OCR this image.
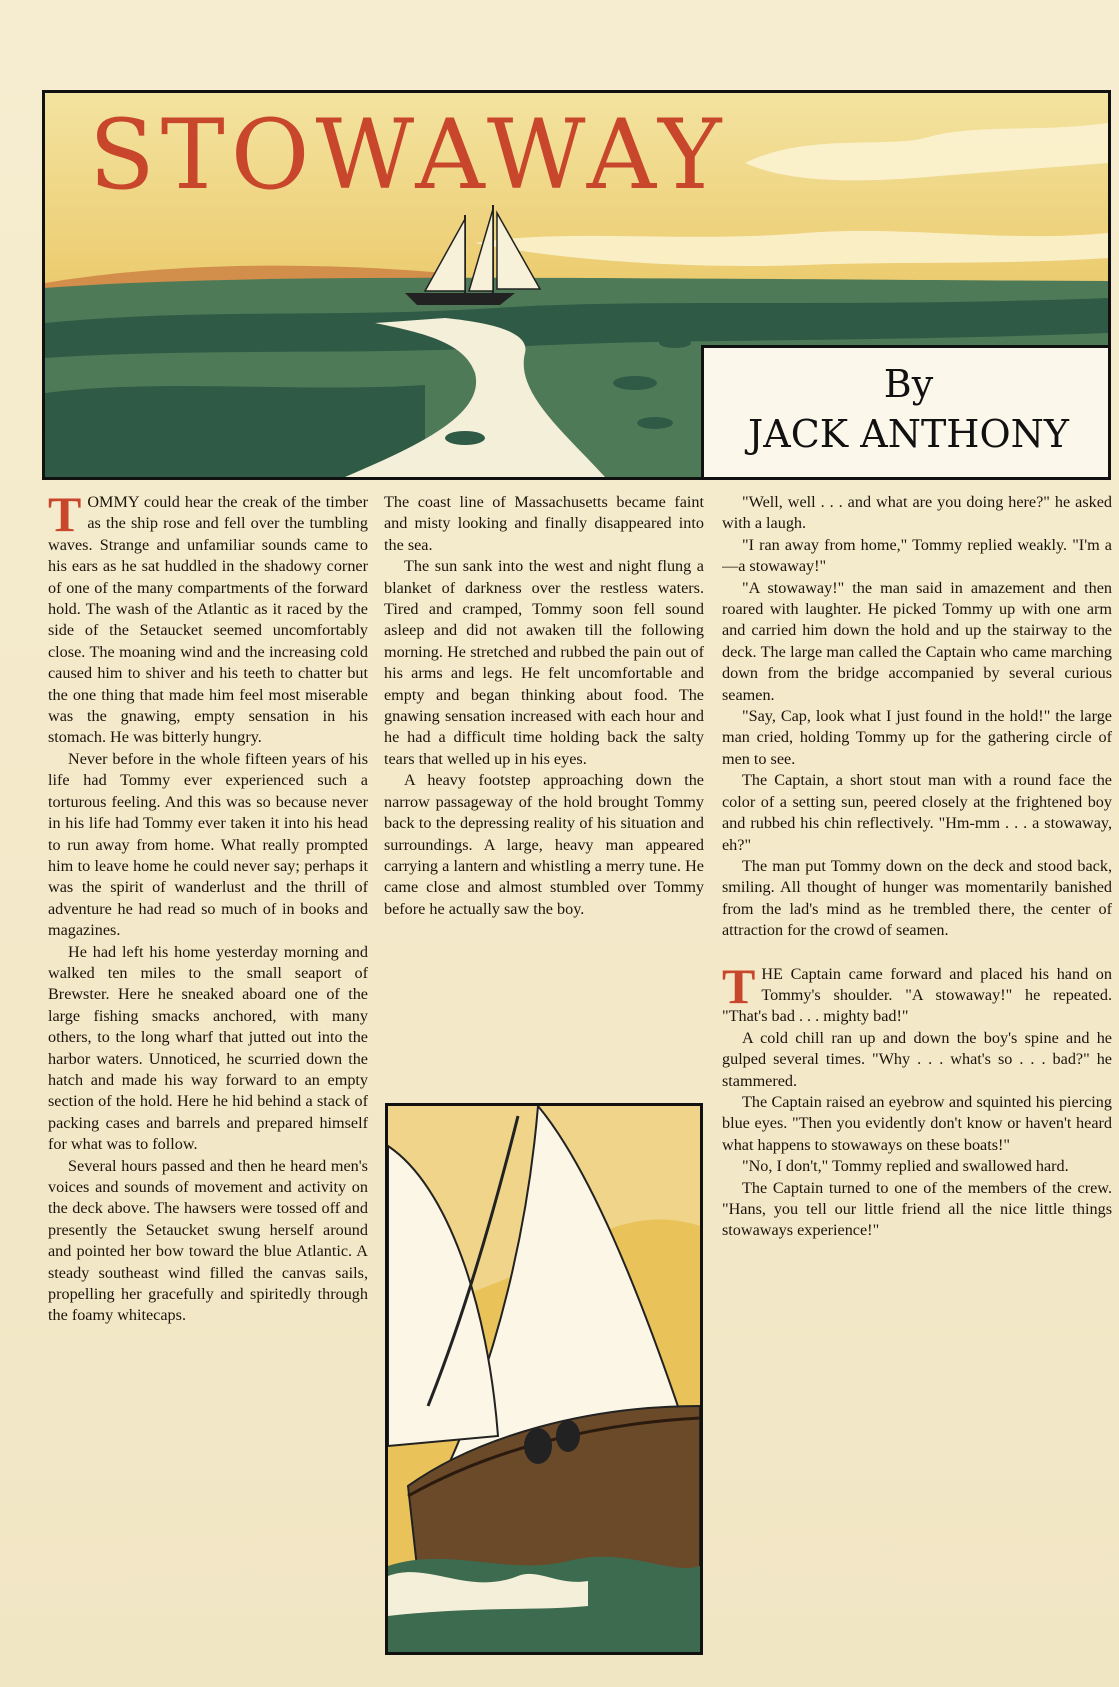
STOWAWAY
By
JACK ANTHONY

TOMMY could hear the creak of the timber as the ship rose and fell over the tumbling waves. Strange and unfamiliar sounds came to his ears as he sat huddled in the shadowy corner of one of the many compartments of the forward hold. The wash of the Atlantic as it raced by the side of the Setaucket seemed uncomfortably close. The moaning wind and the increasing cold caused him to shiver and his teeth to chatter but the one thing that made him feel most miserable was the gnawing, empty sensation in his stomach. He was bitterly hungry.

Never before in the whole fifteen years of his life had Tommy ever experienced such a torturous feeling. And this was so because never in his life had Tommy ever taken it into his head to run away from home. What really prompted him to leave home he could never say; perhaps it was the spirit of wanderlust and the thrill of adventure he had read so much of in books and magazines.

He had left his home yesterday morning and walked ten miles to the small seaport of Brewster. Here he sneaked aboard one of the large fishing smacks anchored, with many others, to the long wharf that jutted out into the harbor waters. Unnoticed, he scurried down the hatch and made his way forward to an empty section of the hold. Here he hid behind a stack of packing cases and barrels and prepared himself for what was to follow.

Several hours passed and then he heard men's voices and sounds of movement and activity on the deck above. The hawsers were tossed off and presently the Setaucket swung herself around and pointed her bow toward the blue Atlantic. A steady southeast wind filled the canvas sails, propelling her gracefully and spiritedly through the foamy whitecaps.

The coast line of Massachusetts became faint and misty looking and finally disappeared into the sea.

The sun sank into the west and night flung a blanket of darkness over the restless waters. Tired and cramped, Tommy soon fell sound asleep and did not awaken till the following morning. He stretched and rubbed the pain out of his arms and legs. He felt uncomfortable and empty and began thinking about food. The gnawing sensation increased with each hour and he had a difficult time holding back the salty tears that welled up in his eyes.

A heavy footstep approaching down the narrow passageway of the hold brought Tommy back to the depressing reality of his situation and surroundings. A large, heavy man appeared carrying a lantern and whistling a merry tune. He came close and almost stumbled over Tommy before he actually saw the boy.

"Well, well . . . and what are you doing here?" he asked with a laugh.

"I ran away from home," Tommy replied weakly. "I'm a—a stowaway!"

"A stowaway!" the man said in amazement and then roared with laughter. He picked Tommy up with one arm and carried him down the hold and up the stairway to the deck. The large man called the Captain who came marching down from the bridge accompanied by several curious seamen.

"Say, Cap, look what I just found in the hold!" the large man cried, holding Tommy up for the gathering circle of men to see.

The Captain, a short stout man with a round face the color of a setting sun, peered closely at the frightened boy and rubbed his chin reflectively. "Hm-mm . . . a stowaway, eh?"

The man put Tommy down on the deck and stood back, smiling. All thought of hunger was momentarily banished from the lad's mind as he trembled there, the center of attraction for the crowd of seamen.

THE Captain came forward and placed his hand on Tommy's shoulder. "A stowaway!" he repeated. "That's bad . . . mighty bad!"

A cold chill ran up and down the boy's spine and he gulped several times. "Why . . . what's so . . . bad?" he stammered.

The Captain raised an eyebrow and squinted his piercing blue eyes. "Then you evidently don't know or haven't heard what happens to stowaways on these boats!"

"No, I don't," Tommy replied and swallowed hard.

The Captain turned to one of the members of the crew. "Hans, you tell our little friend all the nice little things stowaways experience!"
